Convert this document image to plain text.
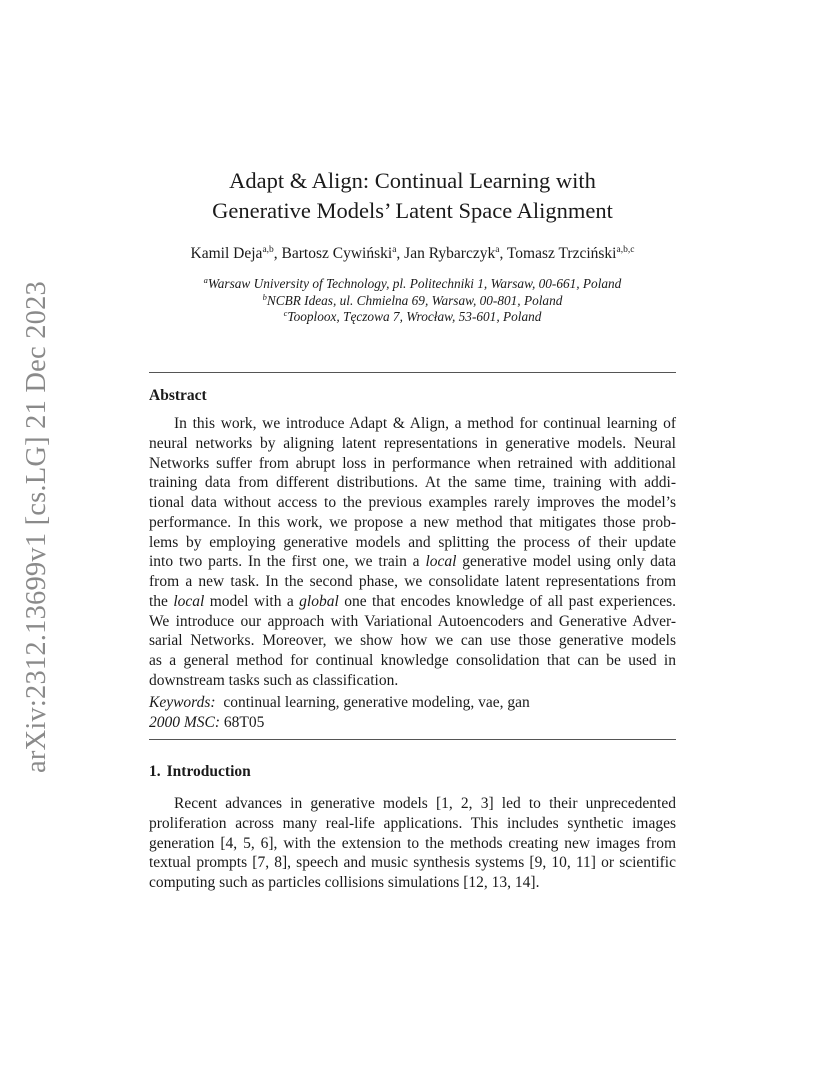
arXiv:2312.13699v1 [cs.LG] 21 Dec 2023
Adapt & Align: Continual Learning with
Generative Models’ Latent Space Alignment
Kamil Deja$^{a,b}$, Bartosz Cywiński$^a$, Jan Rybarczyk$^a$, Tomasz Trzciński$^{a,b,c}$
$^a$Warsaw University of Technology, pl. Politechniki 1, Warsaw, 00-661, Poland
$^b$NCBR Ideas, ul. Chmielna 69, Warsaw, 00-801, Poland
$^c$Tooploox, Tęczowa 7, Wrocław, 53-601, Poland
Abstract
In this work, we introduce Adapt & Align, a method for continual learning of
neural networks by aligning latent representations in generative models. Neural
Networks suffer from abrupt loss in performance when retrained with additional
training data from different distributions. At the same time, training with addi-
tional data without access to the previous examples rarely improves the model’s
performance. In this work, we propose a new method that mitigates those prob-
lems by employing generative models and splitting the process of their update
into two parts. In the first one, we train a local generative model using only data
from a new task. In the second phase, we consolidate latent representations from
the local model with a global one that encodes knowledge of all past experiences.
We introduce our approach with Variational Autoencoders and Generative Adver-
sarial Networks. Moreover, we show how we can use those generative models
as a general method for continual knowledge consolidation that can be used in
downstream tasks such as classification.
Keywords: continual learning, generative modeling, vae, gan
2000 MSC: 68T05
1. Introduction
Recent advances in generative models [1, 2, 3] led to their unprecedented
proliferation across many real-life applications. This includes synthetic images
generation [4, 5, 6], with the extension to the methods creating new images from
textual prompts [7, 8], speech and music synthesis systems [9, 10, 11] or scientific
computing such as particles collisions simulations [12, 13, 14].
